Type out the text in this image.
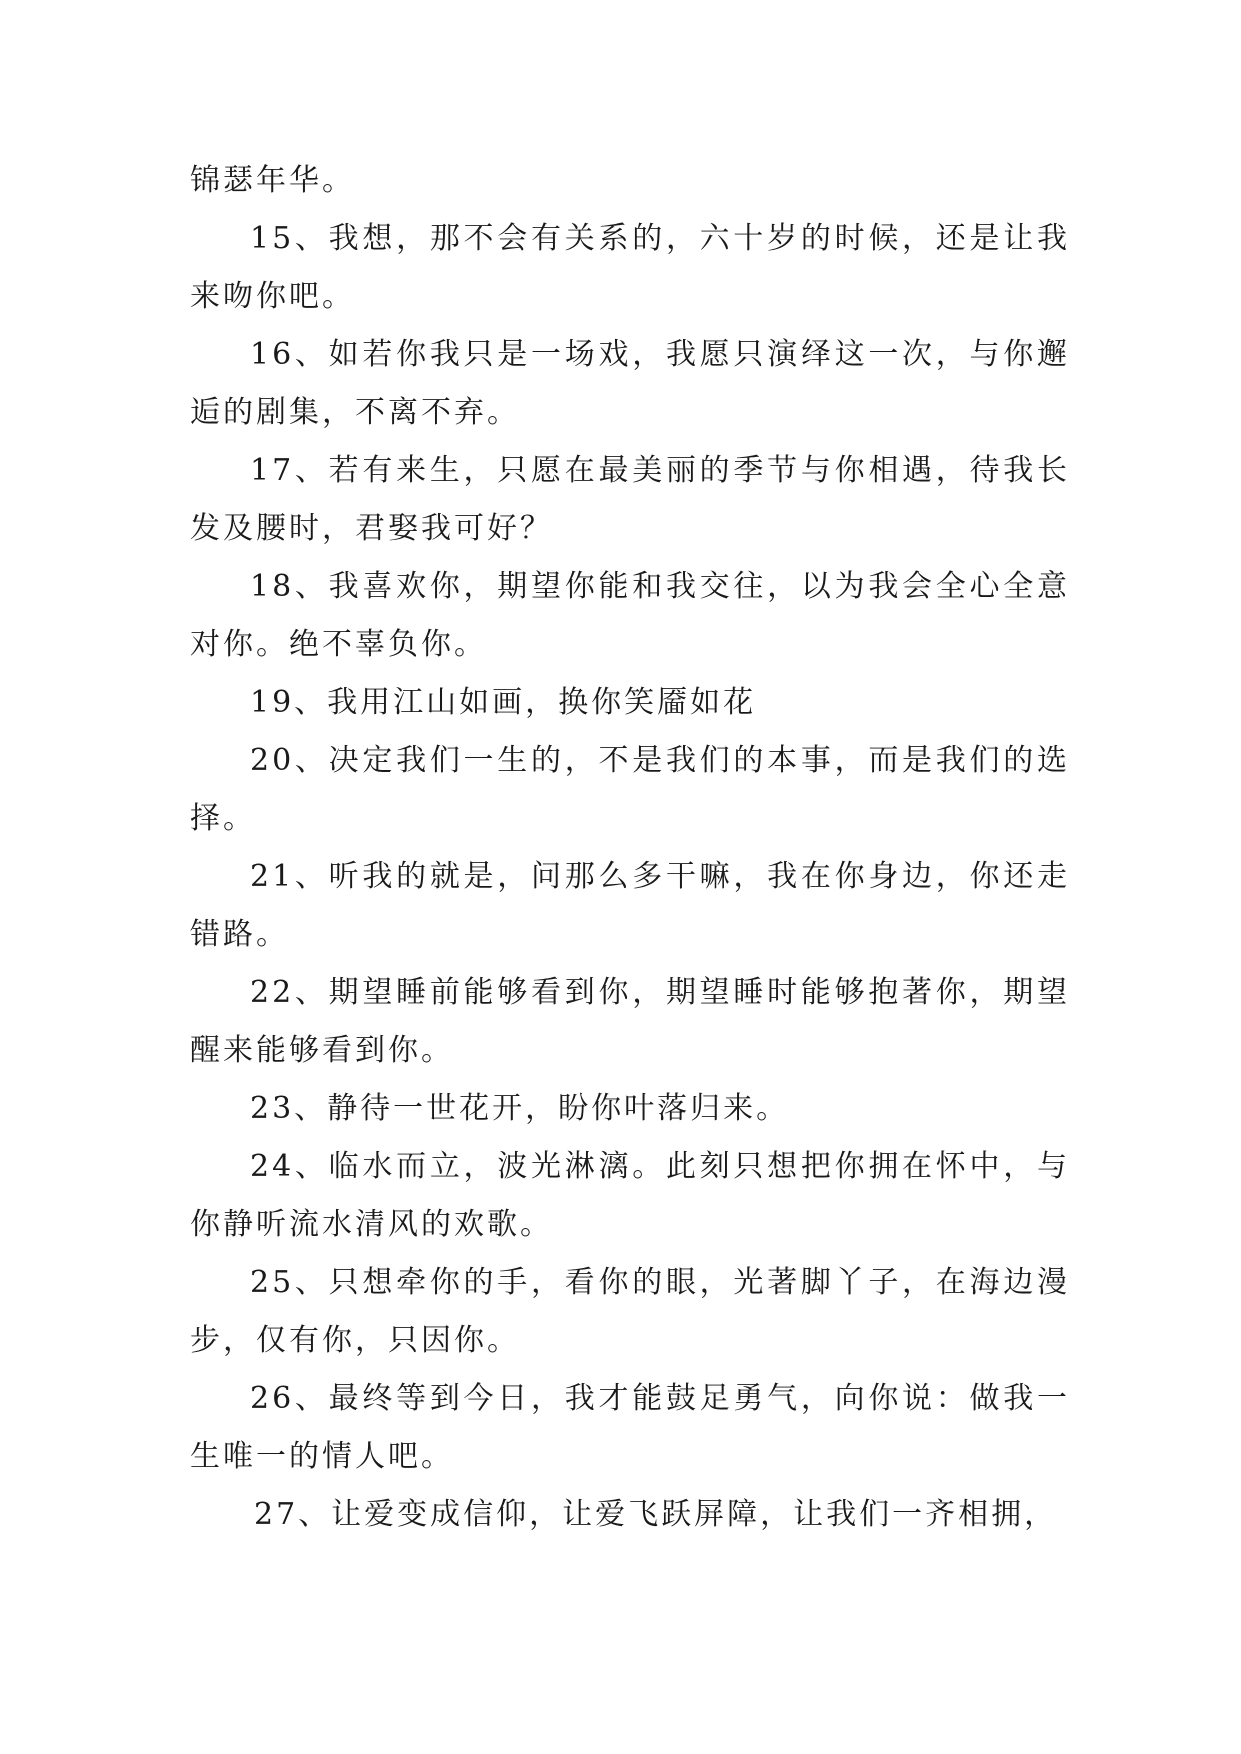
锦瑟年华。

15、我想，那不会有关系的，六十岁的时候，还是让我来吻你吧。

16、如若你我只是一场戏，我愿只演绎这一次，与你邂逅的剧集，不离不弃。

17、若有来生，只愿在最美丽的季节与你相遇，待我长发及腰时，君娶我可好？

18、我喜欢你，期望你能和我交往，以为我会全心全意对你。绝不辜负你。

19、我用江山如画，换你笑靥如花

20、决定我们一生的，不是我们的本事，而是我们的选择。

21、听我的就是，问那么多干嘛，我在你身边，你还走错路。

22、期望睡前能够看到你，期望睡时能够抱著你，期望醒来能够看到你。

23、静待一世花开，盼你叶落归来。

24、临水而立，波光淋漓。此刻只想把你拥在怀中，与你静听流水清风的欢歌。

25、只想牵你的手，看你的眼，光著脚丫子，在海边漫步，仅有你，只因你。

26、最终等到今日，我才能鼓足勇气，向你说：做我一生唯一的情人吧。

27、让爱变成信仰，让爱飞跃屏障，让我们一齐相拥，
